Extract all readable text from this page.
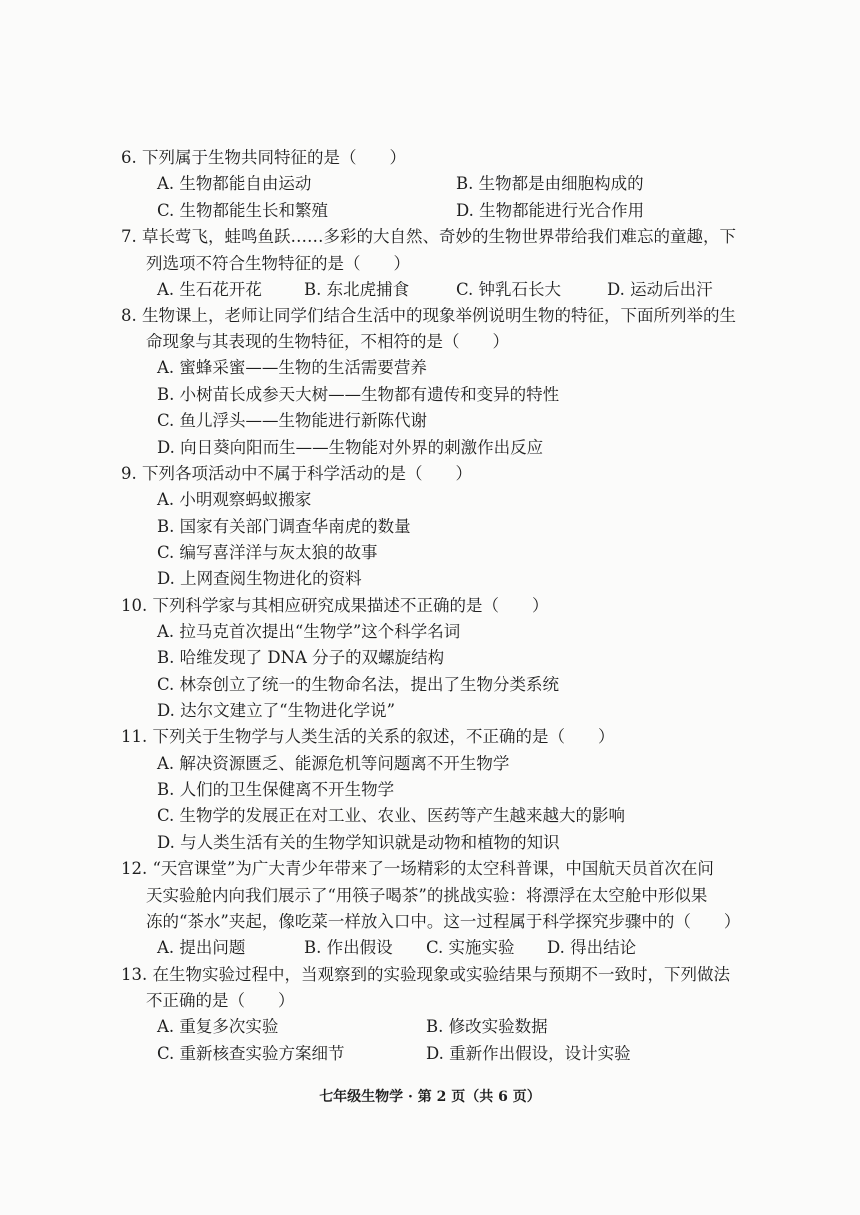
6. 下列属于生物共同特征的是（　　）
A. 生物都能自由运动	B. 生物都是由细胞构成的
C. 生物都能生长和繁殖	D. 生物都能进行光合作用
7. 草长莺飞，蛙鸣鱼跃……多彩的大自然、奇妙的生物世界带给我们难忘的童趣，下
列选项不符合生物特征的是（　　）
A. 生石花开花	B. 东北虎捕食	C. 钟乳石长大	D. 运动后出汗
8. 生物课上，老师让同学们结合生活中的现象举例说明生物的特征，下面所列举的生
命现象与其表现的生物特征，不相符的是（　　）
A. 蜜蜂采蜜——生物的生活需要营养
B. 小树苗长成参天大树——生物都有遗传和变异的特性
C. 鱼儿浮头——生物能进行新陈代谢
D. 向日葵向阳而生——生物能对外界的刺激作出反应
9. 下列各项活动中不属于科学活动的是（　　）
A. 小明观察蚂蚁搬家
B. 国家有关部门调查华南虎的数量
C. 编写喜洋洋与灰太狼的故事
D. 上网查阅生物进化的资料
10. 下列科学家与其相应研究成果描述不正确的是（　　）
A. 拉马克首次提出“生物学”这个科学名词
B. 哈维发现了 DNA 分子的双螺旋结构
C. 林奈创立了统一的生物命名法，提出了生物分类系统
D. 达尔文建立了“生物进化学说”
11. 下列关于生物学与人类生活的关系的叙述，不正确的是（　　）
A. 解决资源匮乏、能源危机等问题离不开生物学
B. 人们的卫生保健离不开生物学
C. 生物学的发展正在对工业、农业、医药等产生越来越大的影响
D. 与人类生活有关的生物学知识就是动物和植物的知识
12. “天宫课堂”为广大青少年带来了一场精彩的太空科普课，中国航天员首次在问
天实验舱内向我们展示了“用筷子喝茶”的挑战实验：将漂浮在太空舱中形似果
冻的“茶水”夹起，像吃菜一样放入口中。这一过程属于科学探究步骤中的（　　）
A. 提出问题	B. 作出假设 C. 实施实验 D. 得出结论
13. 在生物实验过程中，当观察到的实验现象或实验结果与预期不一致时，下列做法
不正确的是（　　）
A. 重复多次实验	B. 修改实验数据
C. 重新核查实验方案细节	D. 重新作出假设，设计实验
七年级生物学 · 第 2 页（共 6 页）
